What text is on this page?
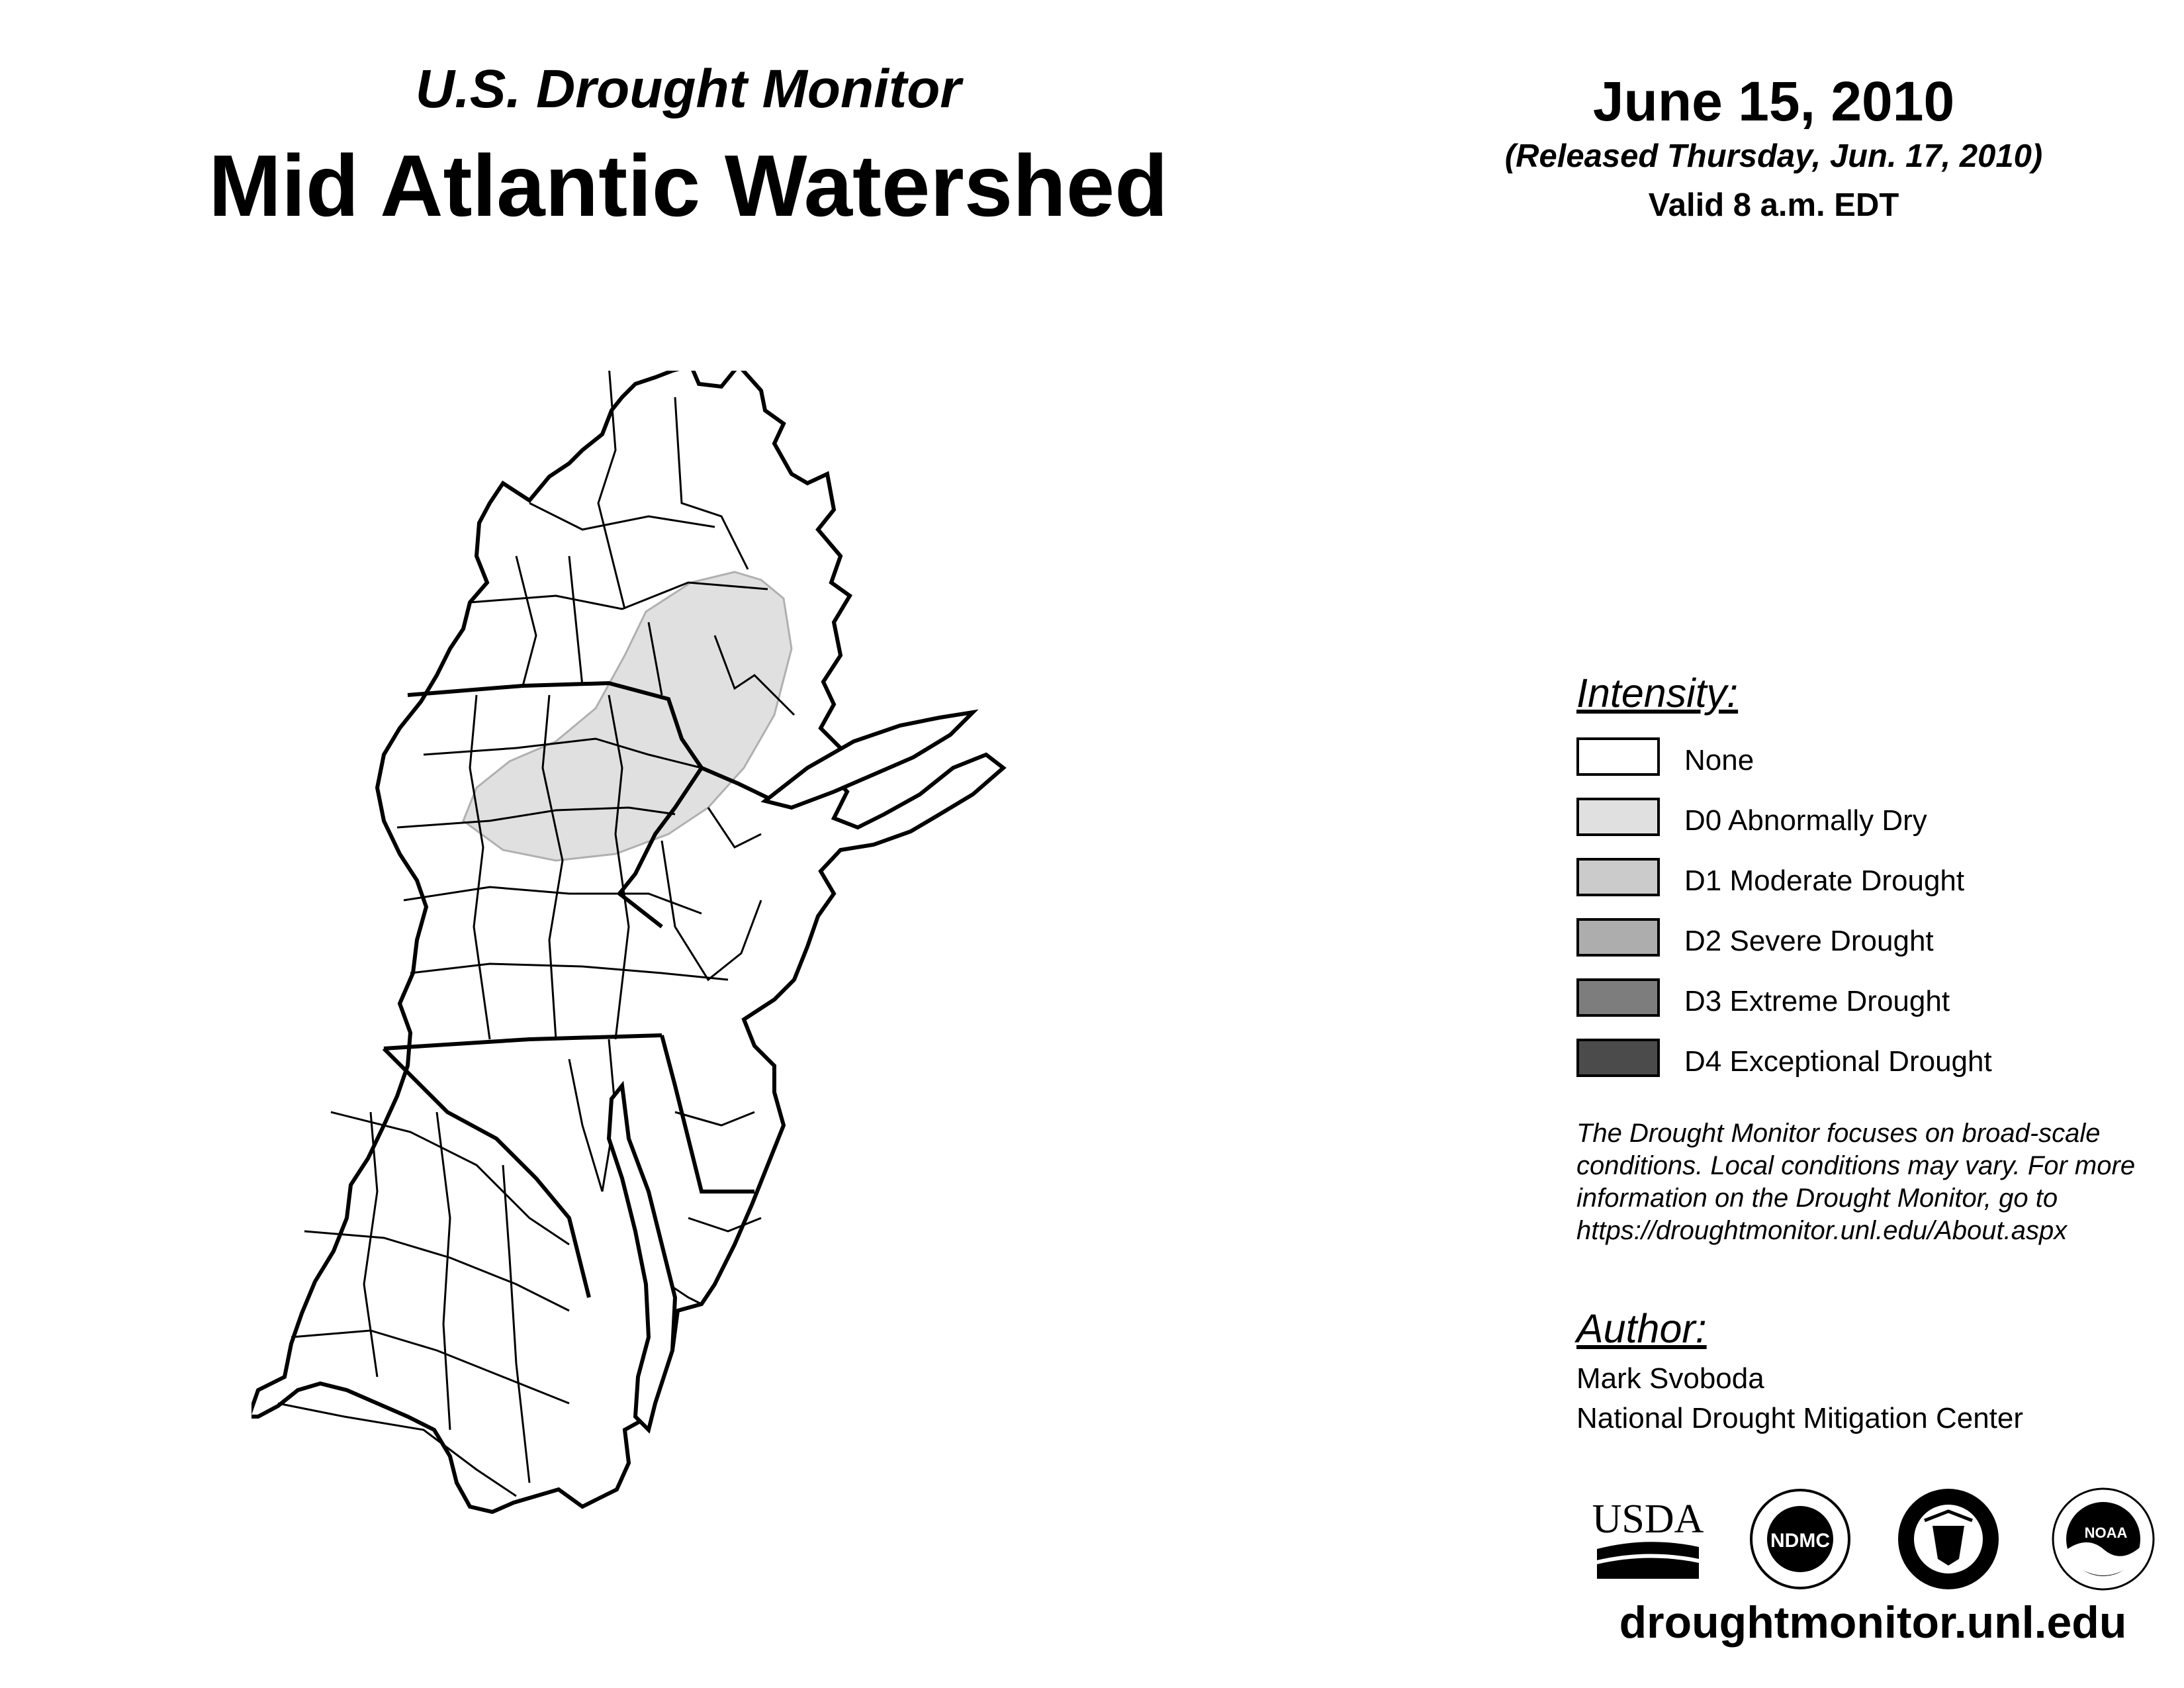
U.S. Drought Monitor
Mid Atlantic Watershed
June 15, 2010
(Released Thursday, Jun. 17, 2010)
Valid 8 a.m. EDT
Intensity:
None
D0 Abnormally Dry
D1 Moderate Drought
D2 Severe Drought
D3 Extreme Drought
D4 Exceptional Drought
The Drought Monitor focuses on broad-scale conditions. Local conditions may vary. For more information on the Drought Monitor, go to https://droughtmonitor.unl.edu/About.aspx
Author:
Mark Svoboda
National Drought Mitigation Center
USDA	NDMC	NOAA
droughtmonitor.unl.edu
